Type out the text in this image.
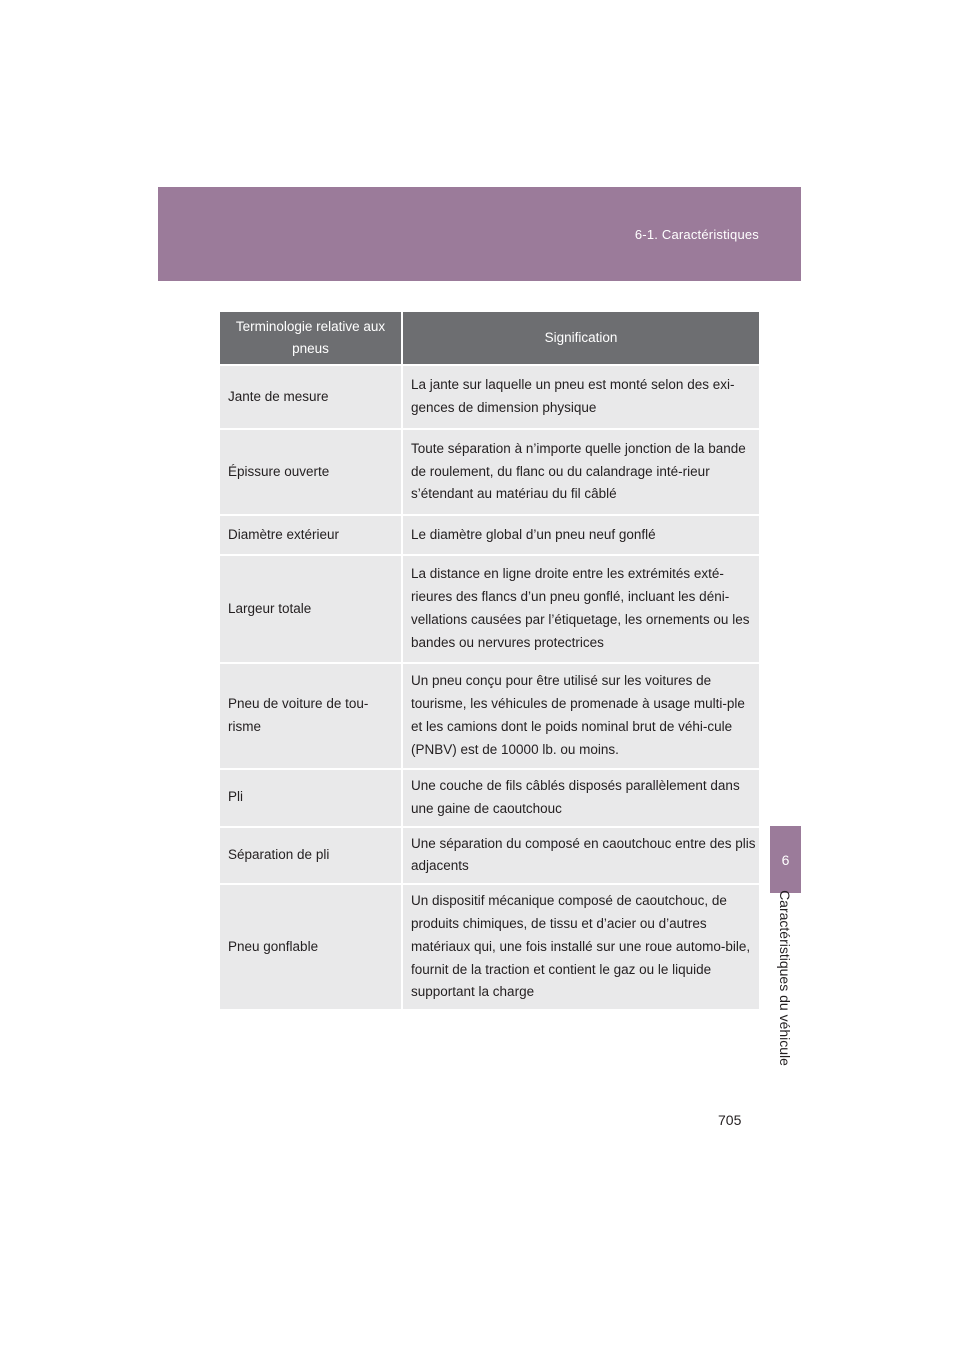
6-1. Caractéristiques
6
Caractéristiques du véhicule
Terminologie relative aux pneus	Signification
Jante de mesure	La jante sur laquelle un pneu est monté selon des exi-gences de dimension physique
Épissure ouverte	Toute séparation à n’importe quelle jonction de la bande de roulement, du flanc ou du calandrage inté-rieur s’étendant au matériau du fil câblé
Diamètre extérieur	Le diamètre global d’un pneu neuf gonflé
Largeur totale	La distance en ligne droite entre les extrémités exté-rieures des flancs d’un pneu gonflé, incluant les déni-vellations causées par l’étiquetage, les ornements ou les bandes ou nervures protectrices
Pneu de voiture de tou-risme	Un pneu conçu pour être utilisé sur les voitures de tourisme, les véhicules de promenade à usage multi-ple et les camions dont le poids nominal brut de véhi-cule (PNBV) est de 10000 lb. ou moins.
Pli	Une couche de fils câblés disposés parallèlement dans une gaine de caoutchouc
Séparation de pli	Une séparation du composé en caoutchouc entre des plis adjacents
Pneu gonflable	Un dispositif mécanique composé de caoutchouc, de produits chimiques, de tissu et d’acier ou d’autres matériaux qui, une fois installé sur une roue automo-bile, fournit de la traction et contient le gaz ou le liquide supportant la charge
705
